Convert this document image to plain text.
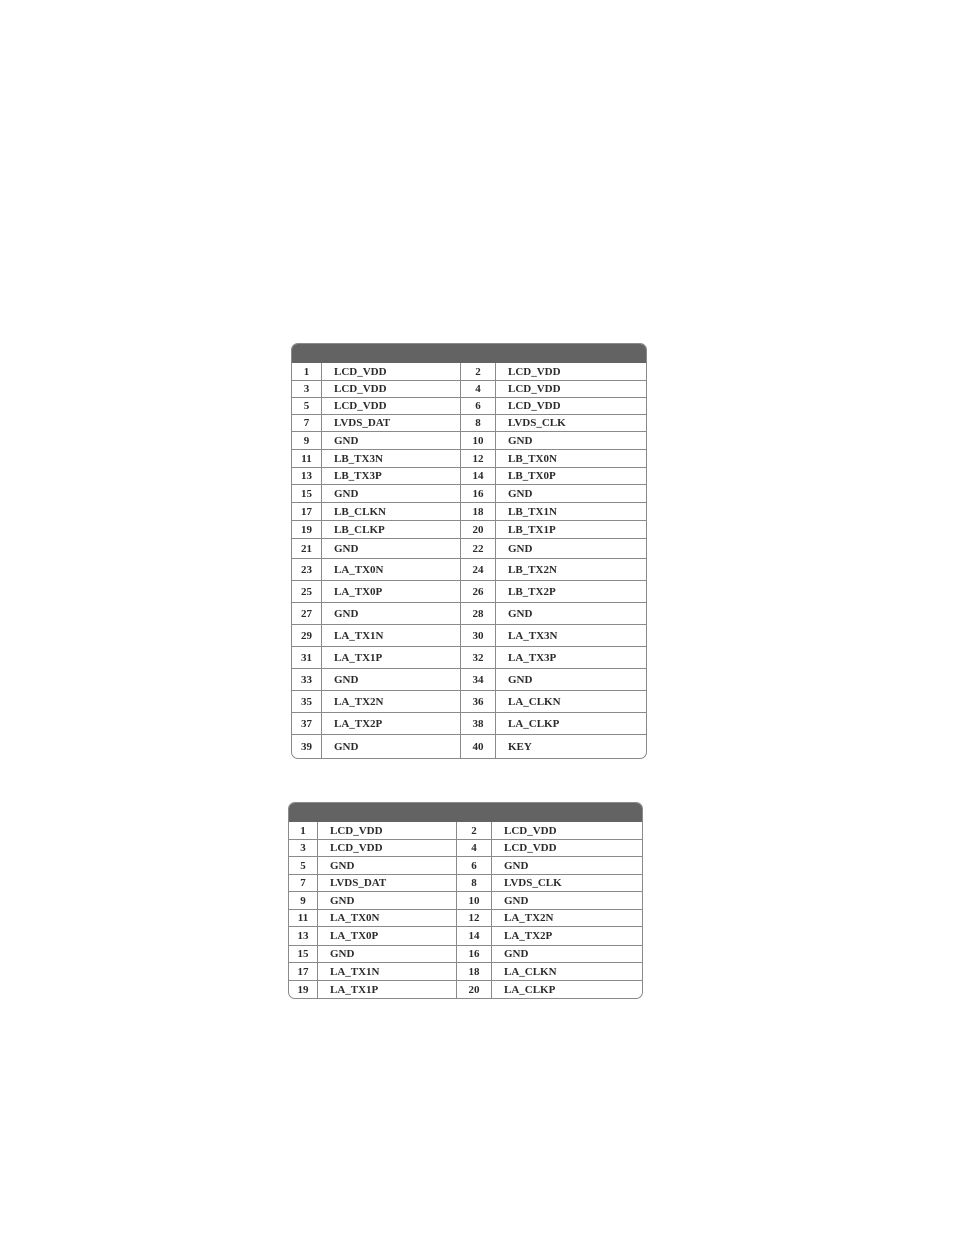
1	LCD_VDD	2	LCD_VDD
3	LCD_VDD	4	LCD_VDD
5	LCD_VDD	6	LCD_VDD
7	LVDS_DAT	8	LVDS_CLK
9	GND	10	GND
11	LB_TX3N	12	LB_TX0N
13	LB_TX3P	14	LB_TX0P
15	GND	16	GND
17	LB_CLKN	18	LB_TX1N
19	LB_CLKP	20	LB_TX1P
21	GND	22	GND
23	LA_TX0N	24	LB_TX2N
25	LA_TX0P	26	LB_TX2P
27	GND	28	GND
29	LA_TX1N	30	LA_TX3N
31	LA_TX1P	32	LA_TX3P
33	GND	34	GND
35	LA_TX2N	36	LA_CLKN
37	LA_TX2P	38	LA_CLKP
39	GND	40	KEY
1	LCD_VDD	2	LCD_VDD
3	LCD_VDD	4	LCD_VDD
5	GND	6	GND
7	LVDS_DAT	8	LVDS_CLK
9	GND	10	GND
11	LA_TX0N	12	LA_TX2N
13	LA_TX0P	14	LA_TX2P
15	GND	16	GND
17	LA_TX1N	18	LA_CLKN
19	LA_TX1P	20	LA_CLKP
